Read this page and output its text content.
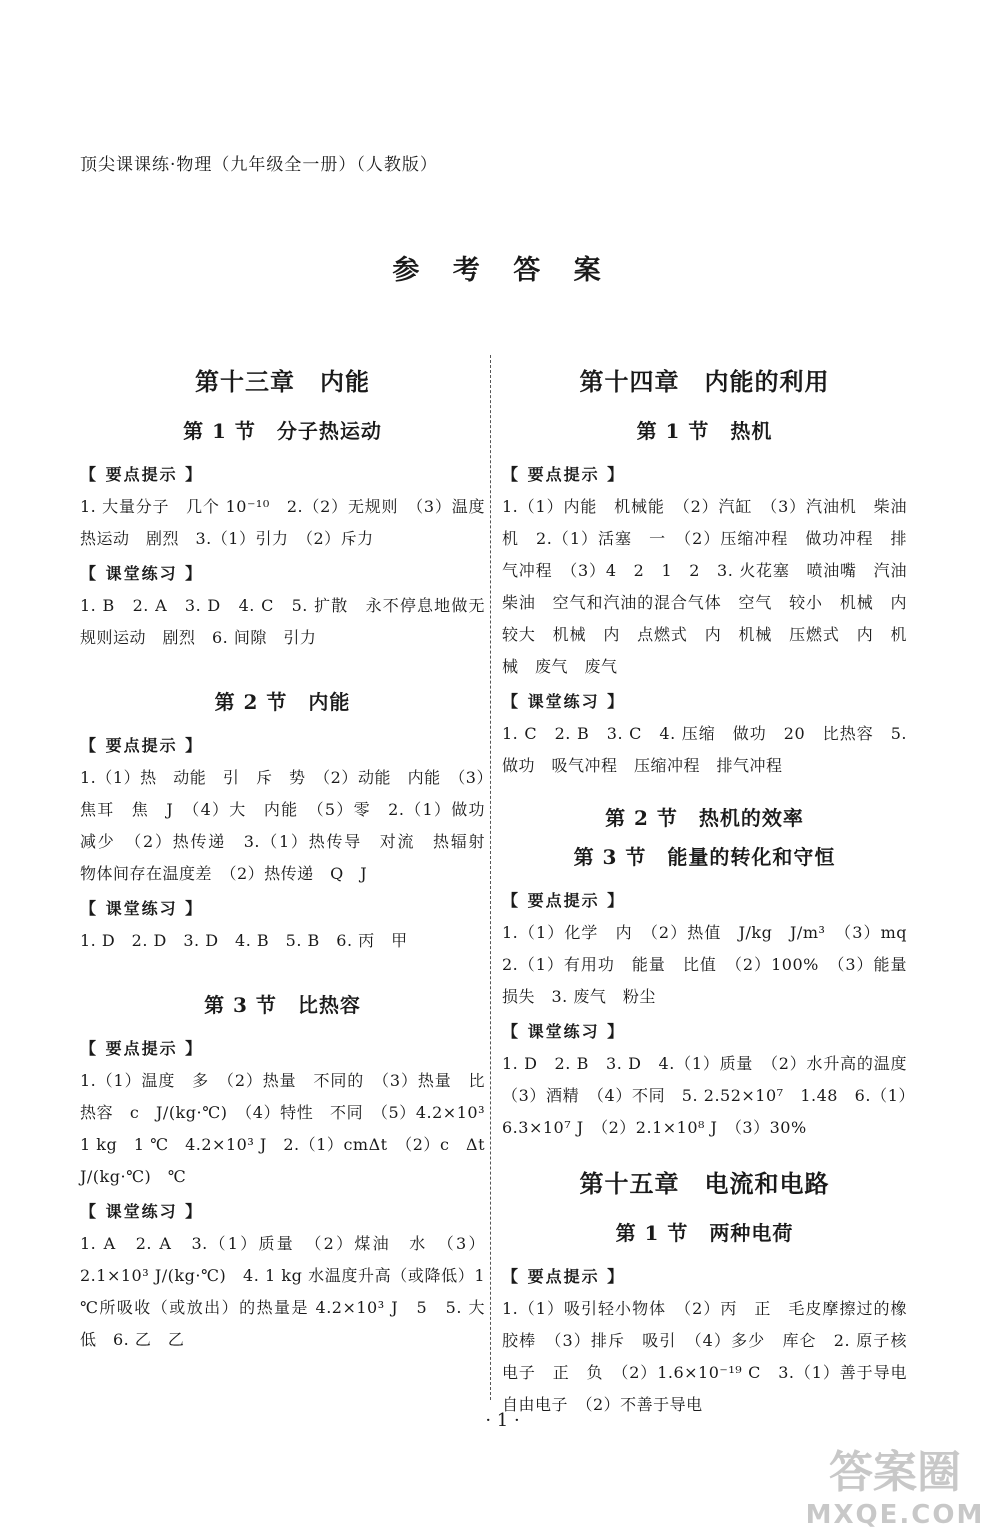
顶尖课课练·物理（九年级全一册）（人教版）
参 考 答 案
第十三章　内能
第 1 节　分子热运动
【 要点提示 】
1. 大量分子　几个 10⁻¹⁰　2.（2）无规则　（3）温度　热运动　剧烈　3.（1）引力　（2）斥力
【 课堂练习 】
1. B　2. A　3. D　4. C　5. 扩散　永不停息地做无规则运动　剧烈　6. 间隙　引力
第 2 节　内能
【 要点提示 】
1.（1）热　动能　引　斥　势　（2）动能　内能　（3）焦耳　焦　J　（4）大　内能　（5）零　2.（1）做功　减少　（2）热传递　3.（1）热传导　对流　热辐射　物体间存在温度差　（2）热传递　Q　J
【 课堂练习 】
1. D　2. D　3. D　4. B　5. B　6. 丙　甲
第 3 节　比热容
【 要点提示 】
1.（1）温度　多　（2）热量　不同的　（3）热量　比热容　c　J/(kg·℃)　（4）特性　不同　（5）4.2×10³　1 kg　1 ℃　4.2×10³ J　2.（1）cmΔt　（2）c　Δt　J/(kg·℃)　℃
【 课堂练习 】
1. A　2. A　3.（1）质量　（2）煤油　水　（3）2.1×10³ J/(kg·℃)　4. 1 kg 水温度升高（或降低）1 ℃所吸收（或放出）的热量是 4.2×10³ J　5　5. 大　低　6. 乙　乙
第十四章　内能的利用
第 1 节　热机
【 要点提示 】
1.（1）内能　机械能　（2）汽缸　（3）汽油机　柴油机　2.（1）活塞　一　（2）压缩冲程　做功冲程　排气冲程　（3）4　2　1　2　3. 火花塞　喷油嘴　汽油　柴油　空气和汽油的混合气体　空气　较小　机械　内　较大　机械　内　点燃式　内　机械　压燃式　内　机械　废气　废气
【 课堂练习 】
1. C　2. B　3. C　4. 压缩　做功　20　比热容　5. 做功　吸气冲程　压缩冲程　排气冲程
第 2 节　热机的效率
第 3 节　能量的转化和守恒
【 要点提示 】
1.（1）化学　内　（2）热值　J/kg　J/m³　（3）mq　2.（1）有用功　能量　比值　（2）100%　（3）能量损失　3. 废气　粉尘
【 课堂练习 】
1. D　2. B　3. D　4.（1）质量　（2）水升高的温度　（3）酒精　（4）不同　5. 2.52×10⁷　1.48　6.（1）6.3×10⁷ J　（2）2.1×10⁸ J　（3）30%
第十五章　电流和电路
第 1 节　两种电荷
【 要点提示 】
1.（1）吸引轻小物体　（2）丙　正　毛皮摩擦过的橡胶棒　（3）排斥　吸引　（4）多少　库仑　2. 原子核　电子　正　负　（2）1.6×10⁻¹⁹ C　3.（1）善于导电　自由电子　（2）不善于导电
· 1 ·
答案圈
MXQE.COM
